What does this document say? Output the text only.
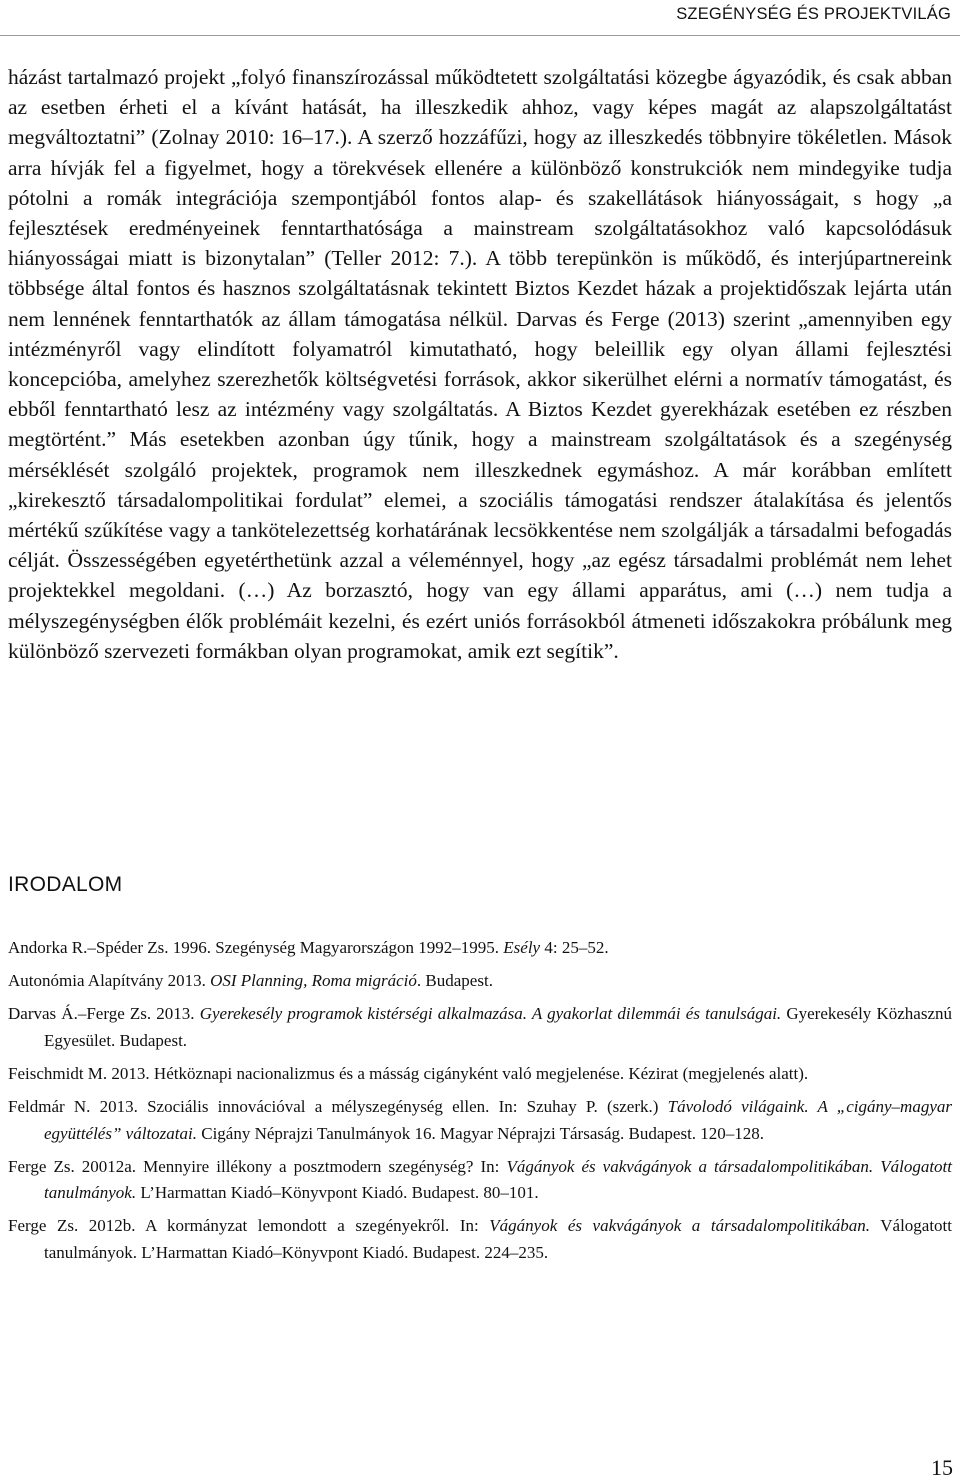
SZEGÉNYSÉG ÉS PROJEKTVILÁG

házást tartalmazó projekt „folyó finanszírozással működtetett szolgáltatási közegbe ágyazódik, és csak abban az esetben érheti el a kívánt hatását, ha illeszkedik ahhoz, vagy képes magát az alapszolgáltatást megváltoztatni” (Zolnay 2010: 16–17.). A szerző hozzáfűzi, hogy az illeszkedés többnyire tökéletlen. Mások arra hívják fel a figyelmet, hogy a törekvések ellenére a különböző konstrukciók nem mindegyike tudja pótolni a romák integrációja szempontjából fontos alap- és szakellátások hiányosságait, s hogy „a fejlesztések eredményeinek fenntarthatósága a mainstream szolgáltatásokhoz való kapcsolódásuk hiányosságai miatt is bizonytalan” (Teller 2012: 7.). A több terepünkön is működő, és interjúpartnereink többsége által fontos és hasznos szolgáltatásnak tekintett Biztos Kezdet házak a projektidőszak lejárta után nem lennének fenntarthatók az állam támogatása nélkül. Darvas és Ferge (2013) szerint „amennyiben egy intézményről vagy elindított folyamatról kimutatható, hogy beleillik egy olyan állami fejlesztési koncepcióba, amelyhez szerezhetők költségvetési források, akkor sikerülhet elérni a normatív támogatást, és ebből fenntartható lesz az intézmény vagy szolgáltatás. A Biztos Kezdet gyerekházak esetében ez részben megtörtént.” Más esetekben azonban úgy tűnik, hogy a mainstream szolgáltatások és a szegénység mérséklését szolgáló projektek, programok nem illeszkednek egymáshoz. A már korábban említett „kirekesztő társadalompolitikai fordulat” elemei, a szociális támogatási rendszer átalakítása és jelentős mértékű szűkítése vagy a tankötelezettség korhatárának lecsökkentése nem szolgálják a társadalmi befogadás célját. Összességében egyetérthetünk azzal a véleménnyel, hogy „az egész társadalmi problémát nem lehet projektekkel megoldani. (…) Az borzasztó, hogy van egy állami apparátus, ami (…) nem tudja a mélyszegénységben élők problémáit kezelni, és ezért uniós forrásokból átmeneti időszakokra próbálunk meg különböző szervezeti formákban olyan programokat, amik ezt segítik”.

IRODALOM
Andorka R.–Spéder Zs. 1996. Szegénység Magyarországon 1992–1995. Esély 4: 25–52.
Autonómia Alapítvány 2013. OSI Planning, Roma migráció. Budapest.
Darvas Á.–Ferge Zs. 2013. Gyerekesély programok kistérségi alkalmazása. A gyakorlat dilemmái és tanulságai. Gyerekesély Közhasznú Egyesület. Budapest.
Feischmidt M. 2013. Hétköznapi nacionalizmus és a másság cigányként való megjelenése. Kézirat (megjelenés alatt).
Feldmár N. 2013. Szociális innovációval a mélyszegénység ellen. In: Szuhay P. (szerk.) Távolodó világaink. A „cigány–magyar együttélés” változatai. Cigány Néprajzi Tanulmányok 16. Magyar Néprajzi Társaság. Budapest. 120–128.
Ferge Zs. 20012a. Mennyire illékony a posztmodern szegénység? In: Vágányok és vakvágányok a társadalompolitikában. Válogatott tanulmányok. L’Harmattan Kiadó–Könyvpont Kiadó. Budapest. 80–101.
Ferge Zs. 2012b. A kormányzat lemondott a szegényekről. In: Vágányok és vakvágányok a társadalompolitikában. Válogatott tanulmányok. L’Harmattan Kiadó–Könyvpont Kiadó. Budapest. 224–235.
15
